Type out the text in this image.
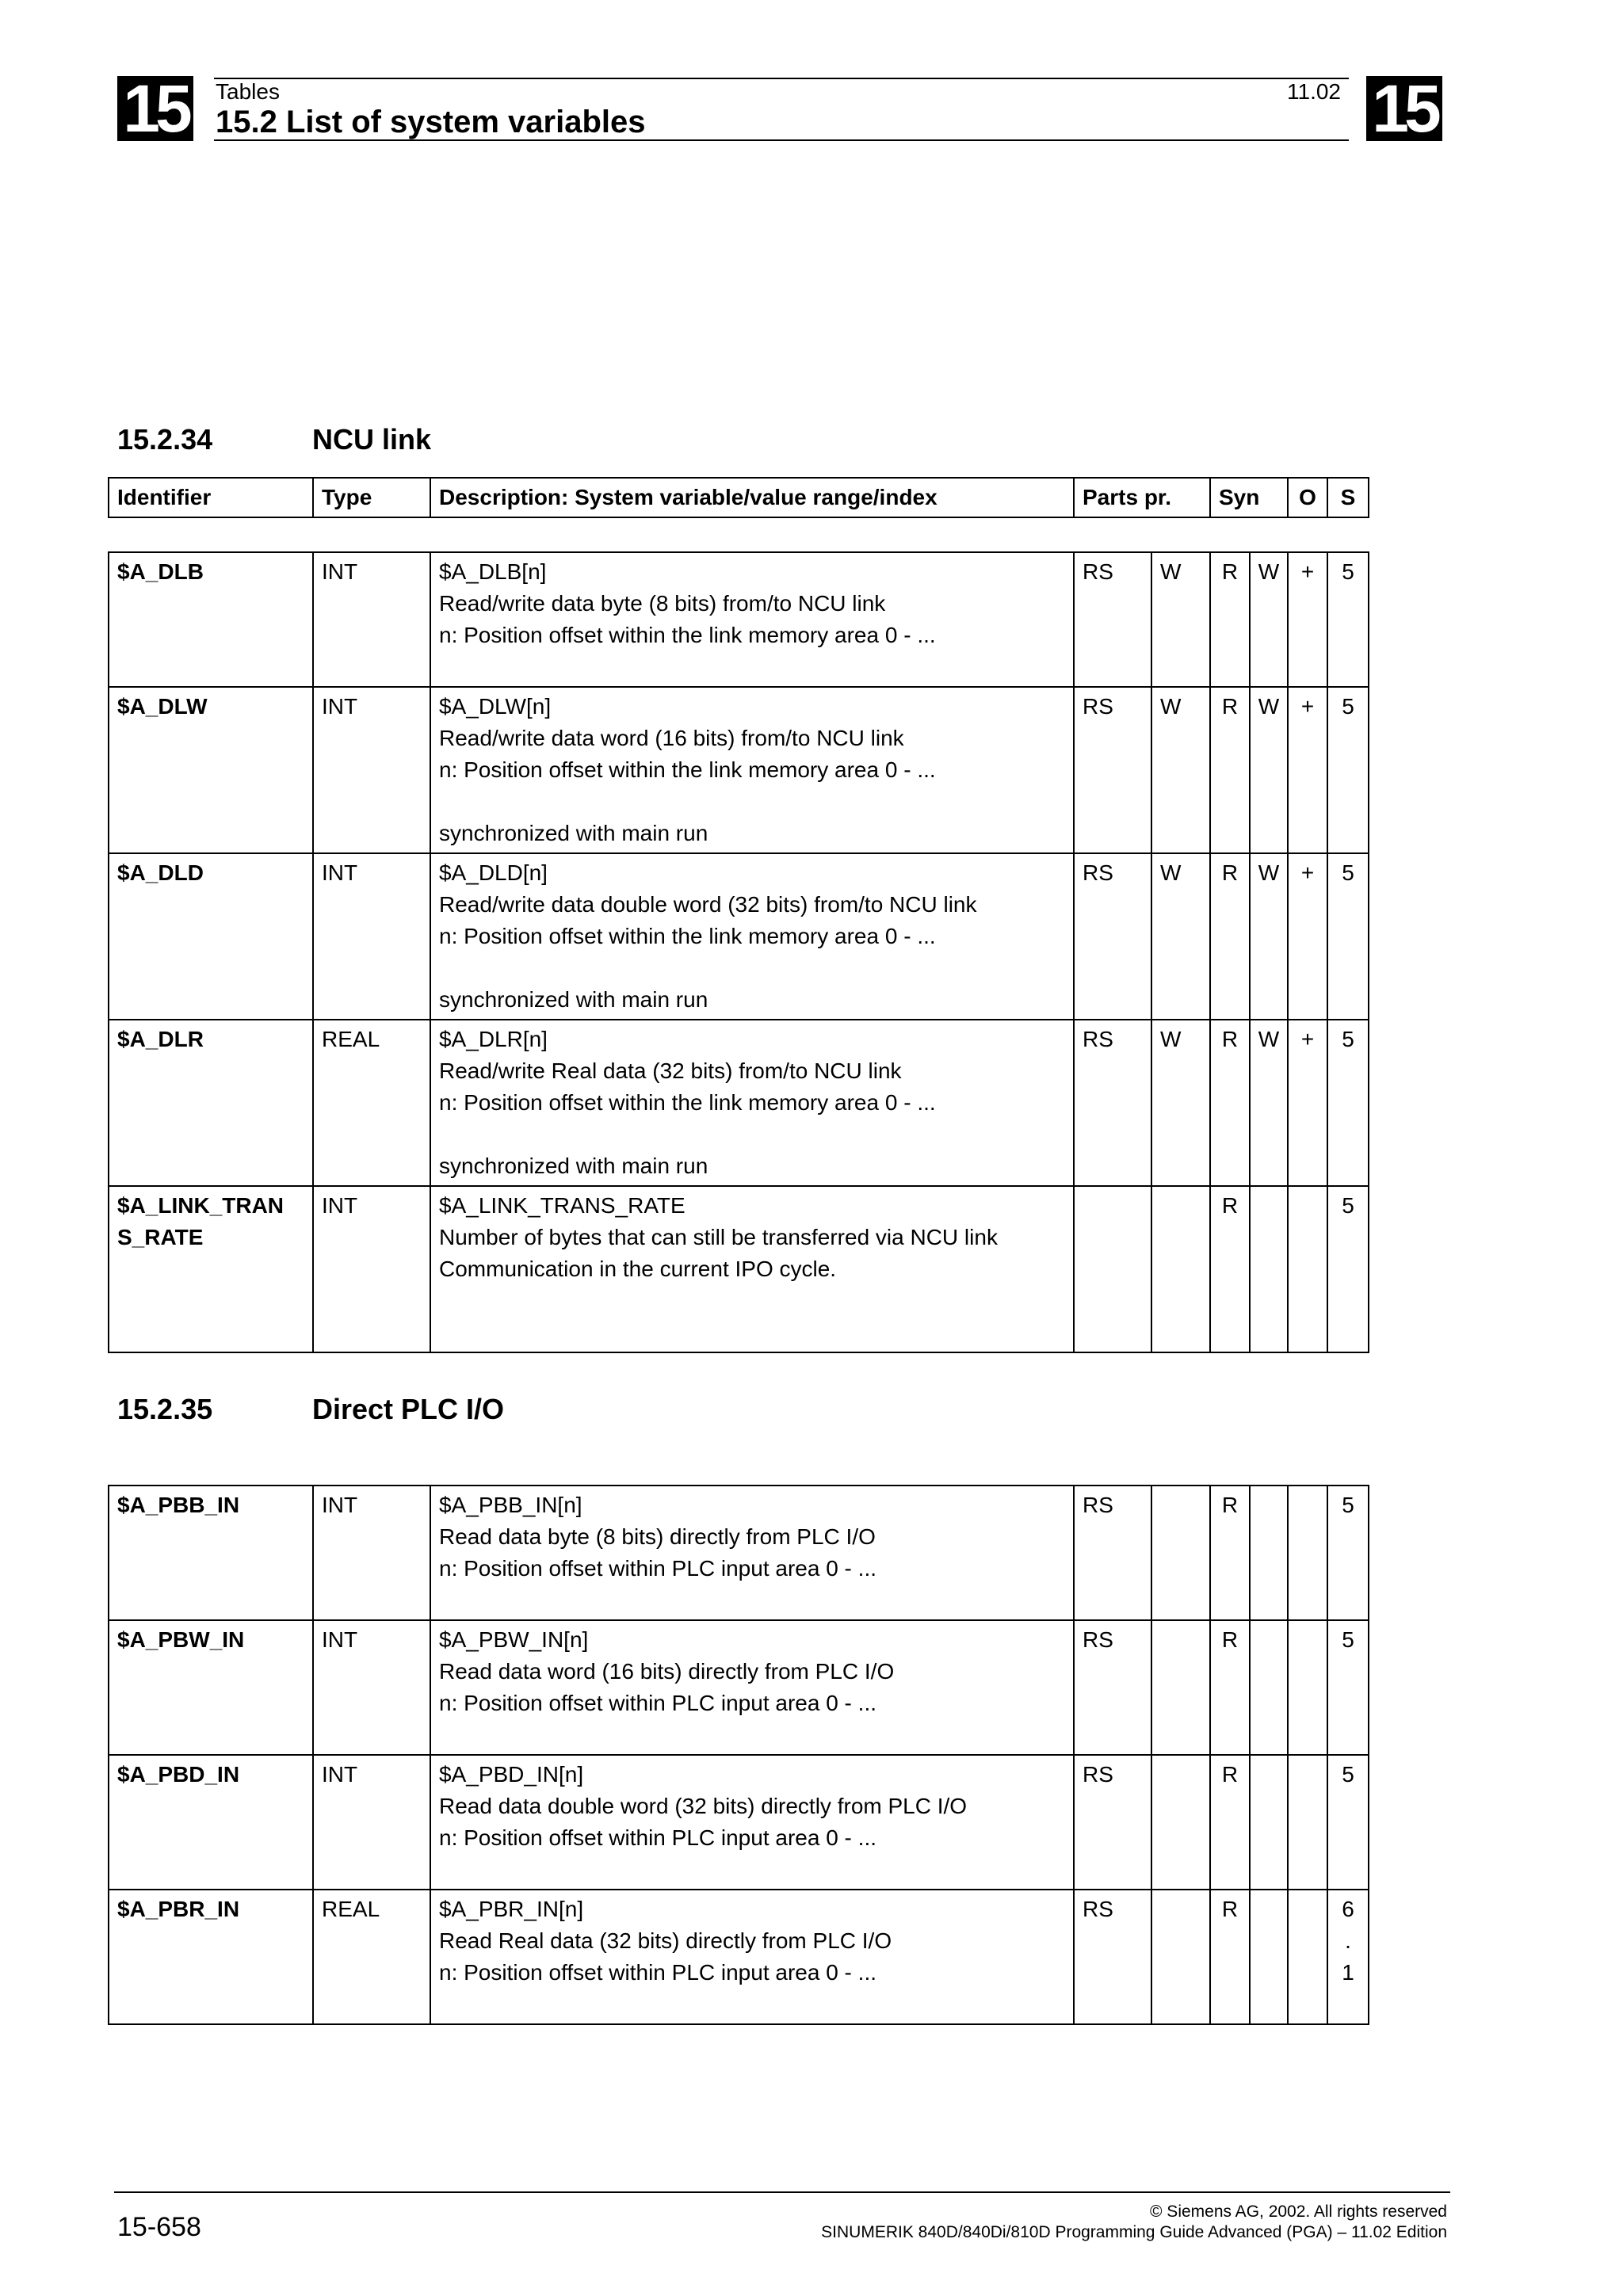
15	15
Tables	11.02
15.2 List of system variables
15.2.34	NCU link
Identifier	Type	Description: System variable/value range/index	Parts pr.	Syn	O	S
$A_DLB	INT	$A_DLB[n]
Read/write data byte (8 bits) from/to NCU link
n: Position offset within the link memory area 0 - ...	RS	W	R	W	+	5

$A_DLW	INT	$A_DLW[n]
Read/write data word (16 bits) from/to NCU link
n: Position offset within the link memory area 0 - ...

synchronized with main run	RS	W	R	W	+	5

$A_DLD	INT	$A_DLD[n]
Read/write data double word (32 bits) from/to NCU link
n: Position offset within the link memory area 0 - ...

synchronized with main run	RS	W	R	W	+	5

$A_DLR	REAL	$A_DLR[n]
Read/write Real data (32 bits) from/to NCU link
n: Position offset within the link memory area 0 - ...

synchronized with main run	RS	W	R	W	+	5

$A_LINK_TRAN
S_RATE	INT	$A_LINK_TRANS_RATE
Number of bytes that can still be transferred via NCU link
Communication in the current IPO cycle.			R			5
15.2.35	Direct PLC I/O
$A_PBB_IN	INT	$A_PBB_IN[n]
Read data byte (8 bits) directly from PLC I/O
n: Position offset within PLC input area 0 - ...	RS		R			5

$A_PBW_IN	INT	$A_PBW_IN[n]
Read data word (16 bits) directly from PLC I/O
n: Position offset within PLC input area 0 - ...	RS		R			5

$A_PBD_IN	INT	$A_PBD_IN[n]
Read data double word (32 bits) directly from PLC I/O
n: Position offset within PLC input area 0 - ...	RS		R			5

$A_PBR_IN	REAL	$A_PBR_IN[n]
Read Real data (32 bits) directly from PLC I/O
n: Position offset within PLC input area 0 - ...	RS		R			6
.
1
15-658
© Siemens AG, 2002. All rights reserved
SINUMERIK 840D/840Di/810D Programming Guide Advanced (PGA) – 11.02 Edition
